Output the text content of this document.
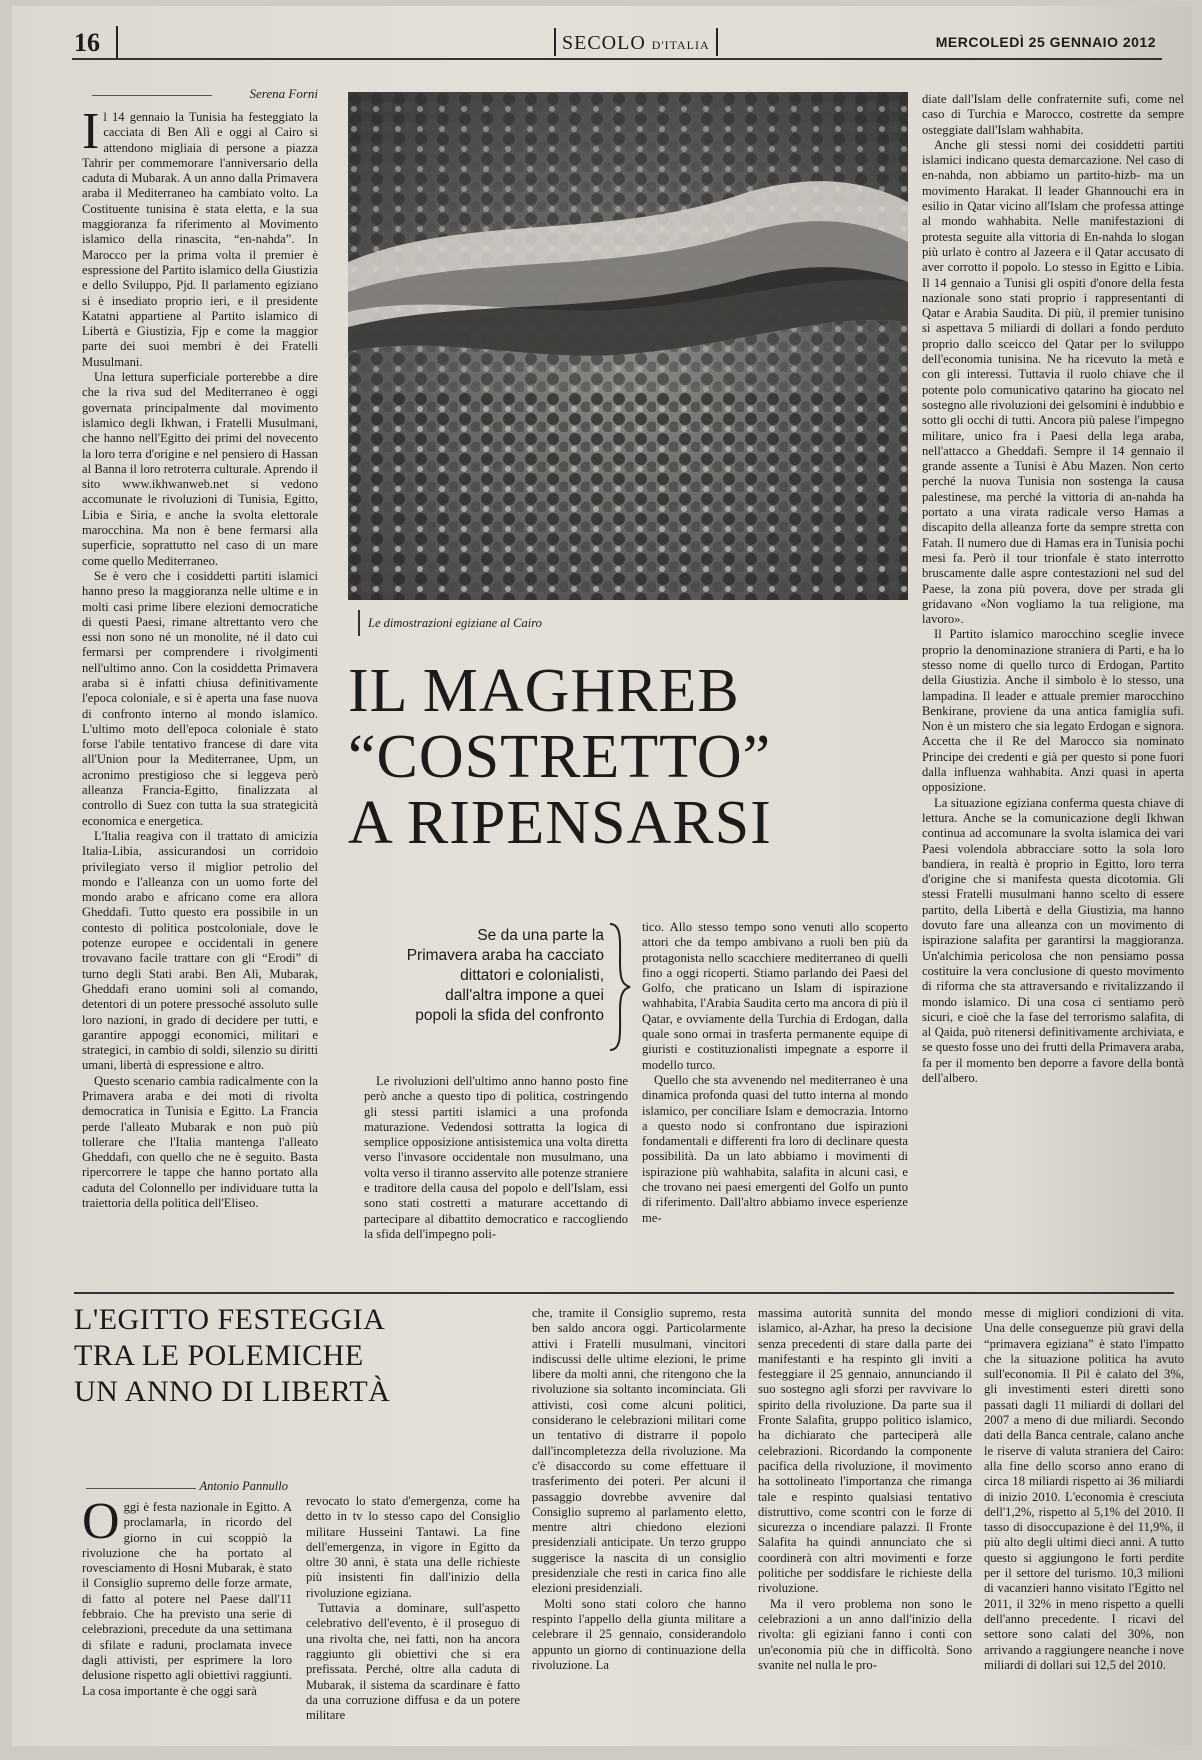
16	SECOLO D'ITALIA	MERCOLEDÌ 25 GENNAIO 2012
Serena Forni

Il 14 gennaio la Tunisia ha festeggiato la cacciata di Ben Alì e oggi al Cairo si attendono migliaia di persone a piazza Tahrir per commemorare l'anniversario della caduta di Mubarak. A un anno dalla Primavera araba il Mediterraneo ha cambiato volto. La Costituente tunisina è stata eletta, e la sua maggioranza fa riferimento al Movimento islamico della rinascita, “en-nahda”. In Marocco per la prima volta il premier è espressione del Partito islamico della Giustizia e dello Sviluppo, Pjd. Il parlamento egiziano si è insediato proprio ieri, e il presidente Katatni appartiene al Partito islamico di Libertà e Giustizia, Fjp e come la maggior parte dei suoi membri è dei Fratelli Musulmani.

Una lettura superficiale porterebbe a dire che la riva sud del Mediterraneo è oggi governata principalmente dal movimento islamico degli Ikhwan, i Fratelli Musulmani, che hanno nell'Egitto dei primi del novecento la loro terra d'origine e nel pensiero di Hassan al Banna il loro retroterra culturale. Aprendo il sito www.ikhwanweb.net si vedono accomunate le rivoluzioni di Tunisia, Egitto, Libia e Siria, e anche la svolta elettorale marocchina. Ma non è bene fermarsi alla superficie, soprattutto nel caso di un mare come quello Mediterraneo.

Se è vero che i cosiddetti partiti islamici hanno preso la maggioranza nelle ultime e in molti casi prime libere elezioni democratiche di questi Paesi, rimane altrettanto vero che essi non sono né un monolite, né il dato cui fermarsi per comprendere i rivolgimenti nell'ultimo anno. Con la cosiddetta Primavera araba si è infatti chiusa definitivamente l'epoca coloniale, e si è aperta una fase nuova di confronto interno al mondo islamico. L'ultimo moto dell'epoca coloniale è stato forse l'abile tentativo francese di dare vita all'Union pour la Mediterranee, Upm, un acronimo prestigioso che si leggeva però alleanza Francia-Egitto, finalizzata al controllo di Suez con tutta la sua strategicità economica e energetica.

L'Italia reagiva con il trattato di amicizia Italia-Libia, assicurandosi un corridoio privilegiato verso il miglior petrolio del mondo e l'alleanza con un uomo forte del mondo arabo e africano come era allora Gheddafi. Tutto questo era possibile in un contesto di politica postcoloniale, dove le potenze europee e occidentali in genere trovavano facile trattare con gli “Erodi” di turno degli Stati arabi. Ben Alì, Mubarak, Gheddafi erano uomini soli al comando, detentori di un potere pressoché assoluto sulle loro nazioni, in grado di decidere per tutti, e garantire appoggi economici, militari e strategici, in cambio di soldi, silenzio su diritti umani, libertà di espressione e altro.

Questo scenario cambia radicalmente con la Primavera araba e dei moti di rivolta democratica in Tunisia e Egitto. La Francia perde l'alleato Mubarak e non può più tollerare che l'Italia mantenga l'alleato Gheddafi, con quello che ne è seguito. Basta ripercorrere le tappe che hanno portato alla caduta del Colonnello per individuare tutta la traiettoria della politica dell'Eliseo.

Le dimostrazioni egiziane al Cairo
IL MAGHREB
“COSTRETTO”
A RIPENSARSI
Se da una parte la Primavera araba ha cacciato dittatori e colonialisti, dall'altra impone a quei popoli la sfida del confronto

Le rivoluzioni dell'ultimo anno hanno posto fine però anche a questo tipo di politica, costringendo gli stessi partiti islamici a una profonda maturazione. Vedendosi sottratta la logica di semplice opposizione antisistemica una volta diretta verso l'invasore occidentale non musulmano, una volta verso il tiranno asservito alle potenze straniere e traditore della causa del popolo e dell'Islam, essi sono stati costretti a maturare accettando di partecipare al dibattito democratico e raccogliendo la sfida dell'impegno poli-

tico. Allo stesso tempo sono venuti allo scoperto attori che da tempo ambivano a ruoli ben più da protagonista nello scacchiere mediterraneo di quelli fino a oggi ricoperti. Stiamo parlando dei Paesi del Golfo, che praticano un Islam di ispirazione wahhabita, l'Arabia Saudita certo ma ancora di più il Qatar, e ovviamente della Turchia di Erdogan, dalla quale sono ormai in trasferta permanente equipe di giuristi e costituzionalisti impegnate a esporre il modello turco.

Quello che sta avvenendo nel mediterraneo è una dinamica profonda quasi del tutto interna al mondo islamico, per conciliare Islam e democrazia. Intorno a questo nodo si confrontano due ispirazioni fondamentali e differenti fra loro di declinare questa possibilità. Da un lato abbiamo i movimenti di ispirazione più wahhabita, salafita in alcuni casi, e che trovano nei paesi emergenti del Golfo un punto di riferimento. Dall'altro abbiamo invece esperienze me-

diate dall'Islam delle confraternite sufi, come nel caso di Turchia e Marocco, costrette da sempre osteggiate dall'Islam wahhabita.

Anche gli stessi nomi dei cosiddetti partiti islamici indicano questa demarcazione. Nel caso di en-nahda, non abbiamo un partito-hizb- ma un movimento Harakat. Il leader Ghannouchi era in esilio in Qatar vicino all'Islam che professa attinge al mondo wahhabita. Nelle manifestazioni di protesta seguite alla vittoria di En-nahda lo slogan più urlato è contro al Jazeera e il Qatar accusato di aver corrotto il popolo. Lo stesso in Egitto e Libia. Il 14 gennaio a Tunisi gli ospiti d'onore della festa nazionale sono stati proprio i rappresentanti di Qatar e Arabia Saudita. Di più, il premier tunisino si aspettava 5 miliardi di dollari a fondo perduto proprio dallo sceicco del Qatar per lo sviluppo dell'economia tunisina. Ne ha ricevuto la metà e con gli interessi. Tuttavia il ruolo chiave che il potente polo comunicativo qatarino ha giocato nel sostegno alle rivoluzioni dei gelsomini è indubbio e sotto gli occhi di tutti. Ancora più palese l'impegno militare, unico fra i Paesi della lega araba, nell'attacco a Gheddafi. Sempre il 14 gennaio il grande assente a Tunisi è Abu Mazen. Non certo perché la nuova Tunisia non sostenga la causa palestinese, ma perché la vittoria di an-nahda ha portato a una virata radicale verso Hamas a discapito della alleanza forte da sempre stretta con Fatah. Il numero due di Hamas era in Tunisia pochi mesi fa. Però il tour trionfale è stato interrotto bruscamente dalle aspre contestazioni nel sud del Paese, la zona più povera, dove per strada gli gridavano «Non vogliamo la tua religione, ma lavoro».

Il Partito islamico marocchino sceglie invece proprio la denominazione straniera di Parti, e ha lo stesso nome di quello turco di Erdogan, Partito della Giustizia. Anche il simbolo è lo stesso, una lampadina. Il leader e attuale premier marocchino Benkirane, proviene da una antica famiglia sufi. Non è un mistero che sia legato Erdogan e signora. Accetta che il Re del Marocco sia nominato Principe dei credenti e già per questo si pone fuori dalla influenza wahhabita. Anzi quasi in aperta opposizione.

La situazione egiziana conferma questa chiave di lettura. Anche se la comunicazione degli Ikhwan continua ad accomunare la svolta islamica dei vari Paesi volendola abbracciare sotto la sola loro bandiera, in realtà è proprio in Egitto, loro terra d'origine che si manifesta questa dicotomia. Gli stessi Fratelli musulmani hanno scelto di essere partito, della Libertà e della Giustizia, ma hanno dovuto fare una alleanza con un movimento di ispirazione salafita per garantirsi la maggioranza. Un'alchimia pericolosa che non pensiamo possa costituire la vera conclusione di questo movimento di riforma che sta attraversando e rivitalizzando il mondo islamico. Di una cosa ci sentiamo però sicuri, e cioè che la fase del terrorismo salafita, di al Qaida, può ritenersi definitivamente archiviata, e se questo fosse uno dei frutti della Primavera araba, fa per il momento ben deporre a favore della bontà dell'albero.

L'EGITTO FESTEGGIA
TRA LE POLEMICHE
UN ANNO DI LIBERTÀ
Antonio Pannullo

Oggi è festa nazionale in Egitto. A proclamarla, in ricordo del giorno in cui scoppiò la rivoluzione che ha portato al rovesciamento di Hosni Mubarak, è stato il Consiglio supremo delle forze armate, di fatto al potere nel Paese dall'11 febbraio. Che ha previsto una serie di celebrazioni, precedute da una settimana di sfilate e raduni, proclamata invece dagli attivisti, per esprimere la loro delusione rispetto agli obiettivi raggiunti. La cosa importante è che oggi sarà

revocato lo stato d'emergenza, come ha detto in tv lo stesso capo del Consiglio militare Husseini Tantawi. La fine dell'emergenza, in vigore in Egitto da oltre 30 anni, è stata una delle richieste più insistenti fin dall'inizio della rivoluzione egiziana.

Tuttavia a dominare, sull'aspetto celebrativo dell'evento, è il proseguo di una rivolta che, nei fatti, non ha ancora raggiunto gli obiettivi che si era prefissata. Perché, oltre alla caduta di Mubarak, il sistema da scardinare è fatto da una corruzione diffusa e da un potere militare

che, tramite il Consiglio supremo, resta ben saldo ancora oggi. Particolarmente attivi i Fratelli musulmani, vincitori indiscussi delle ultime elezioni, le prime libere da molti anni, che ritengono che la rivoluzione sia soltanto incominciata. Gli attivisti, così come alcuni politici, considerano le celebrazioni militari come un tentativo di distrarre il popolo dall'incompletezza della rivoluzione. Ma c'è disaccordo su come effettuare il trasferimento dei poteri. Per alcuni il passaggio dovrebbe avvenire dal Consiglio supremo al parlamento eletto, mentre altri chiedono elezioni presidenziali anticipate. Un terzo gruppo suggerisce la nascita di un consiglio presidenziale che resti in carica fino alle elezioni presidenziali.

Molti sono stati coloro che hanno respinto l'appello della giunta militare a celebrare il 25 gennaio, considerandolo appunto un giorno di continuazione della rivoluzione. La

massima autorità sunnita del mondo islamico, al-Azhar, ha preso la decisione senza precedenti di stare dalla parte dei manifestanti e ha respinto gli inviti a festeggiare il 25 gennaio, annunciando il suo sostegno agli sforzi per ravvivare lo spirito della rivoluzione. Da parte sua il Fronte Salafita, gruppo politico islamico, ha dichiarato che parteciperà alle celebrazioni. Ricordando la componente pacifica della rivoluzione, il movimento ha sottolineato l'importanza che rimanga tale e respinto qualsiasi tentativo distruttivo, come scontri con le forze di sicurezza o incendiare palazzi. Il Fronte Salafita ha quindi annunciato che si coordinerà con altri movimenti e forze politiche per soddisfare le richieste della rivoluzione.

Ma il vero problema non sono le celebrazioni a un anno dall'inizio della rivolta: gli egiziani fanno i conti con un'economia più che in difficoltà. Sono svanite nel nulla le pro-

messe di migliori condizioni di vita. Una delle conseguenze più gravi della “primavera egiziana” è stato l'impatto che la situazione politica ha avuto sull'economia. Il Pil è calato del 3%, gli investimenti esteri diretti sono passati dagli 11 miliardi di dollari del 2007 a meno di due miliardi. Secondo dati della Banca centrale, calano anche le riserve di valuta straniera del Cairo: alla fine dello scorso anno erano di circa 18 miliardi rispetto ai 36 miliardi di inizio 2010. L'economia è cresciuta dell'1,2%, rispetto al 5,1% del 2010. Il tasso di disoccupazione è del 11,9%, il più alto degli ultimi dieci anni. A tutto questo si aggiungono le forti perdite per il settore del turismo. 10,3 milioni di vacanzieri hanno visitato l'Egitto nel 2011, il 32% in meno rispetto a quelli dell'anno precedente. I ricavi del settore sono calati del 30%, non arrivando a raggiungere neanche i nove miliardi di dollari sui 12,5 del 2010.
